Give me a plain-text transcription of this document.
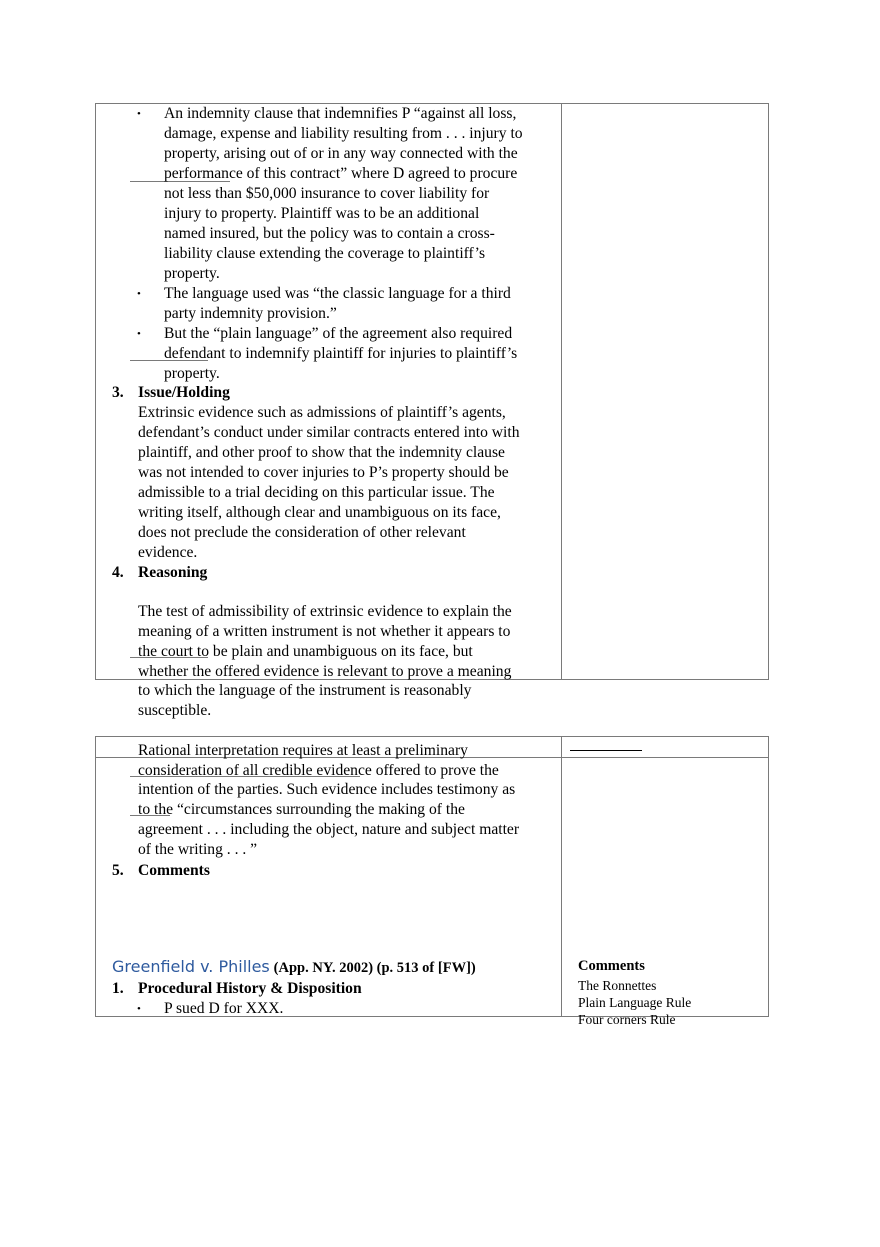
• An indemnity clause that indemnifies P “against all loss,
damage, expense and liability resulting from . . . injury to
property, arising out of or in any way connected with the
performance of this contract” where D agreed to procure
not less than $50,000 insurance to cover liability for
injury to property. Plaintiff was to be an additional
named insured, but the policy was to contain a cross-
liability clause extending the coverage to plaintiff’s
property.
• The language used was “the classic language for a third
party indemnity provision.”
• But the “plain language” of the agreement also required
defendant to indemnify plaintiff for injuries to plaintiff’s
property.
3. Issue/Holding
Extrinsic evidence such as admissions of plaintiff’s agents,
defendant’s conduct under similar contracts entered into with
plaintiff, and other proof to show that the indemnity clause
was not intended to cover injuries to P’s property should be
admissible to a trial deciding on this particular issue. The
writing itself, although clear and unambiguous on its face,
does not preclude the consideration of other relevant
evidence.
4. Reasoning
The test of admissibility of extrinsic evidence to explain the
meaning of a written instrument is not whether it appears to
the court to be plain and unambiguous on its face, but
whether the offered evidence is relevant to prove a meaning
to which the language of the instrument is reasonably
susceptible.
Rational interpretation requires at least a preliminary
consideration of all credible evidence offered to prove the
intention of the parties. Such evidence includes testimony as
to the “circumstances surrounding the making of the
agreement . . . including the object, nature and subject matter
of the writing . . . ”
5. Comments
Greenfield v. Philles (App. NY. 2002) (p. 513 of [FW])
1. Procedural History & Disposition
• P sued D for XXX.
Comments
The Ronnettes
Plain Language Rule
Four corners Rule
